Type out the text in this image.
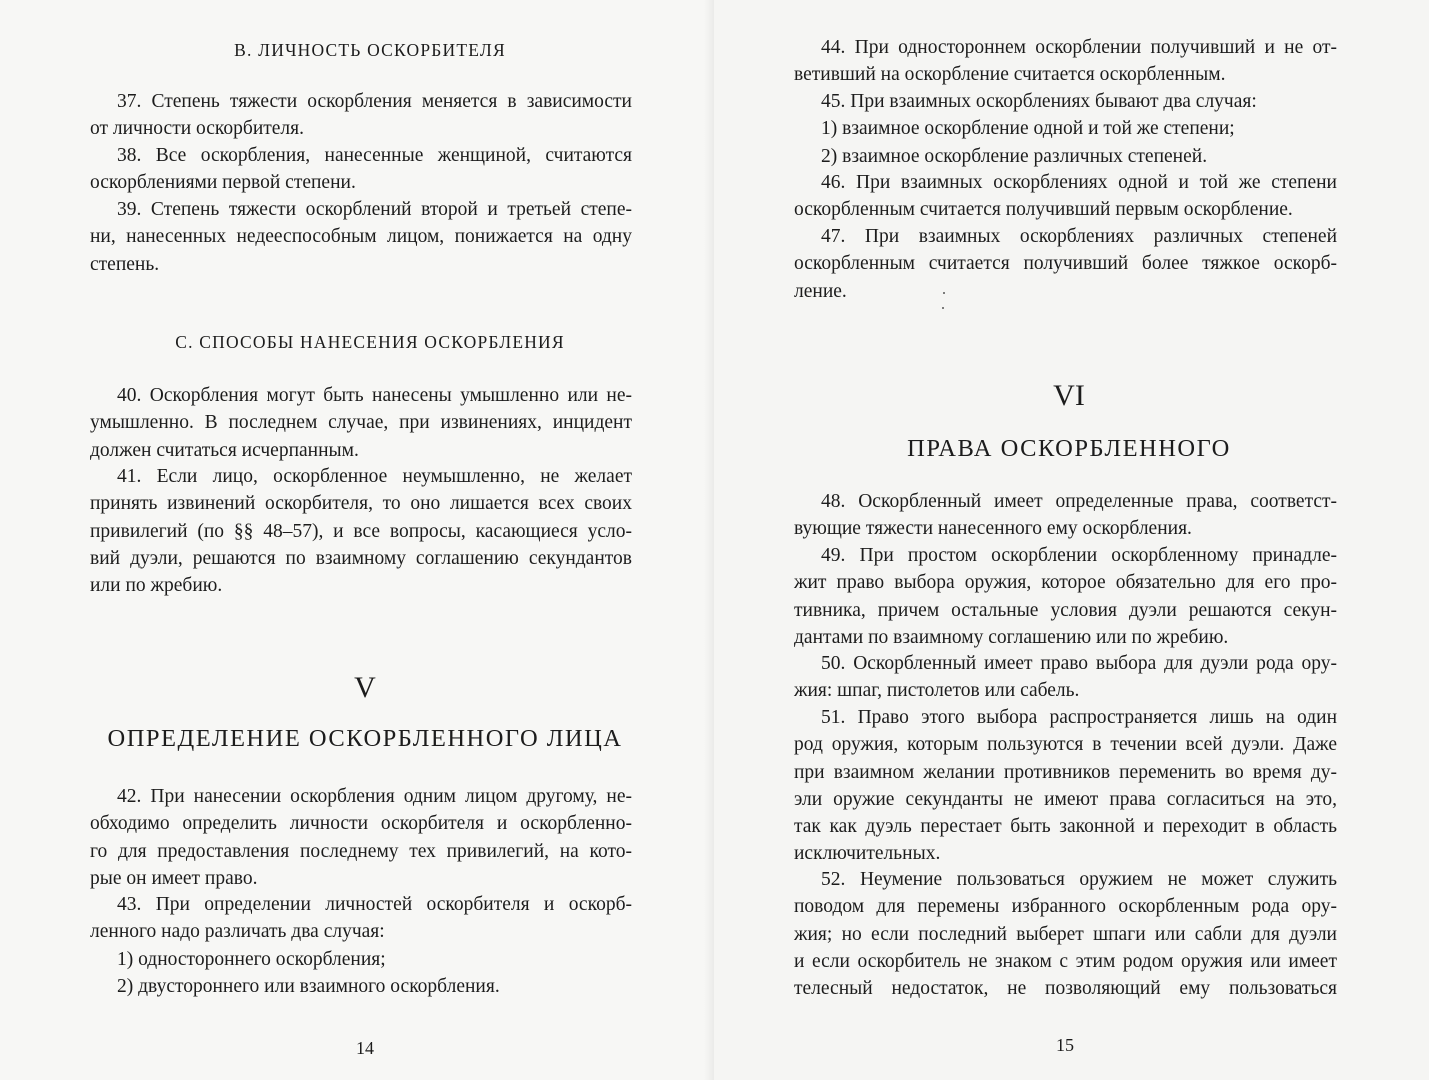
В. ЛИЧНОСТЬ ОСКОРБИТЕЛЯ
37. Степень тяжести оскорбления меняется в зависимости
от личности оскорбителя.
38. Все оскорбления, нанесенные женщиной, считаются
оскорблениями первой степени.
39. Степень тяжести оскорблений второй и третьей степе-
ни, нанесенных недееспособным лицом, понижается на одну
степень.
С. СПОСОБЫ НАНЕСЕНИЯ ОСКОРБЛЕНИЯ
40. Оскорбления могут быть нанесены умышленно или не-
умышленно. В последнем случае, при извинениях, инцидент
должен считаться исчерпанным.
41. Если лицо, оскорбленное неумышленно, не желает
принять извинений оскорбителя, то оно лишается всех своих
привилегий (по §§ 48–57), и все вопросы, касающиеся усло-
вий дуэли, решаются по взаимному соглашению секундантов
или по жребию.
V
ОПРЕДЕЛЕНИЕ ОСКОРБЛЕННОГО ЛИЦА
42. При нанесении оскорбления одним лицом другому, не-
обходимо определить личности оскорбителя и оскорбленно-
го для предоставления последнему тех привилегий, на кото-
рые он имеет право.
43. При определении личностей оскорбителя и оскорб-
ленного надо различать два случая:
1) одностороннего оскорбления;
2) двустороннего или взаимного оскорбления.
14
44. При одностороннем оскорблении получивший и не от-
ветивший на оскорбление считается оскорбленным.
45. При взаимных оскорблениях бывают два случая:
1) взаимное оскорбление одной и той же степени;
2) взаимное оскорбление различных степеней.
46. При взаимных оскорблениях одной и той же степени
оскорбленным считается получивший первым оскорбление.
47. При взаимных оскорблениях различных степеней
оскорбленным считается получивший более тяжкое оскорб-
ление.
VI
ПРАВА ОСКОРБЛЕННОГО
48. Оскорбленный имеет определенные права, соответст-
вующие тяжести нанесенного ему оскорбления.
49. При простом оскорблении оскорбленному принадле-
жит право выбора оружия, которое обязательно для его про-
тивника, причем остальные условия дуэли решаются секун-
дантами по взаимному соглашению или по жребию.
50. Оскорбленный имеет право выбора для дуэли рода ору-
жия: шпаг, пистолетов или сабель.
51. Право этого выбора распространяется лишь на один
род оружия, которым пользуются в течении всей дуэли. Даже
при взаимном желании противников переменить во время ду-
эли оружие секунданты не имеют права согласиться на это,
так как дуэль перестает быть законной и переходит в область
исключительных.
52. Неумение пользоваться оружием не может служить
поводом для перемены избранного оскорбленным рода ору-
жия; но если последний выберет шпаги или сабли для дуэли
и если оскорбитель не знаком с этим родом оружия или имеет
телесный недостаток, не позволяющий ему пользоваться
15
